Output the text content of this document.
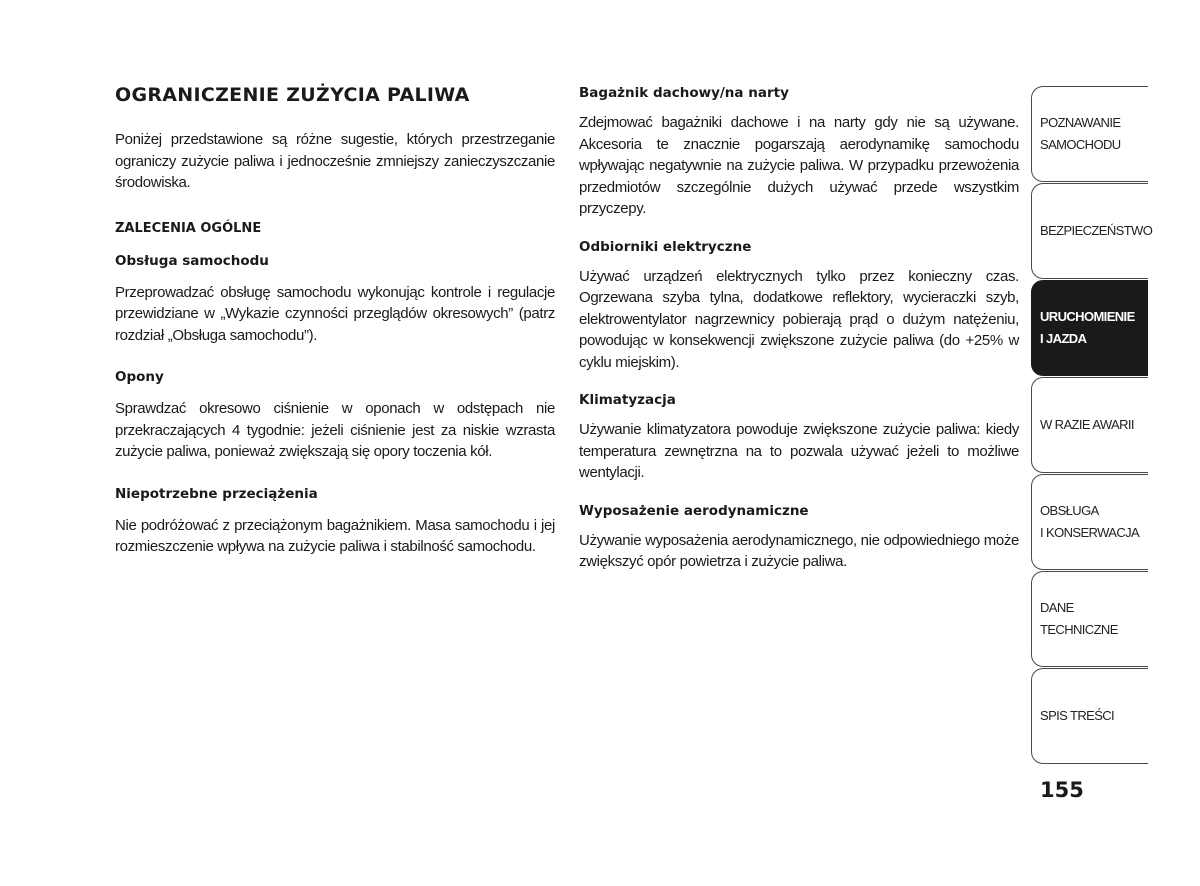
OGRANICZENIE ZUŻYCIA PALIWA

Poniżej przedstawione są różne sugestie, których przestrzeganie ograniczy zużycie paliwa i jednocześnie zmniejszy zanieczyszczanie środowiska.

ZALECENIA OGÓLNE
Obsługa samochodu

Przeprowadzać obsługę samochodu wykonując kontrole i regulacje przewidziane w „Wykazie czynności przeglądów okresowych” (patrz rozdział „Obsługa samochodu”).

Opony

Sprawdzać okresowo ciśnienie w oponach w odstępach nie przekraczających 4 tygodnie: jeżeli ciśnienie jest za niskie wzrasta zużycie paliwa, ponieważ zwiększają się opory toczenia kół.

Niepotrzebne przeciążenia

Nie podróżować z przeciążonym bagażnikiem. Masa samochodu i jej rozmieszczenie wpływa na zużycie paliwa i stabilność samochodu.

Bagażnik dachowy/na narty

Zdejmować bagażniki dachowe i na narty gdy nie są używane. Akcesoria te znacznie pogarszają aerodynamikę samochodu wpływając negatywnie na zużycie paliwa. W przypadku przewożenia przedmiotów szczególnie dużych używać przede wszystkim przyczepy.

Odbiorniki elektryczne

Używać urządzeń elektrycznych tylko przez konieczny czas. Ogrzewana szyba tylna, dodatkowe reflektory, wycieraczki szyb, elektrowentylator nagrzewnicy pobierają prąd o dużym natężeniu, powodując w konsekwencji zwiększone zużycie paliwa (do +25% w cyklu miejskim).

Klimatyzacja

Używanie klimatyzatora powoduje zwiększone zużycie paliwa: kiedy temperatura zewnętrzna na to pozwala używać jeżeli to możliwe wentylacji.

Wyposażenie aerodynamiczne

Używanie wyposażenia aerodynamicznego, nie odpowiedniego może zwiększyć opór powietrza i zużycie paliwa.

POZNAWANIE
SAMOCHODU
BEZPIECZEŃSTWO
URUCHOMIENIE
I JAZDA
W RAZIE AWARII
OBSŁUGA
I KONSERWACJA
DANE
TECHNICZNE
SPIS TREŚCI
155
